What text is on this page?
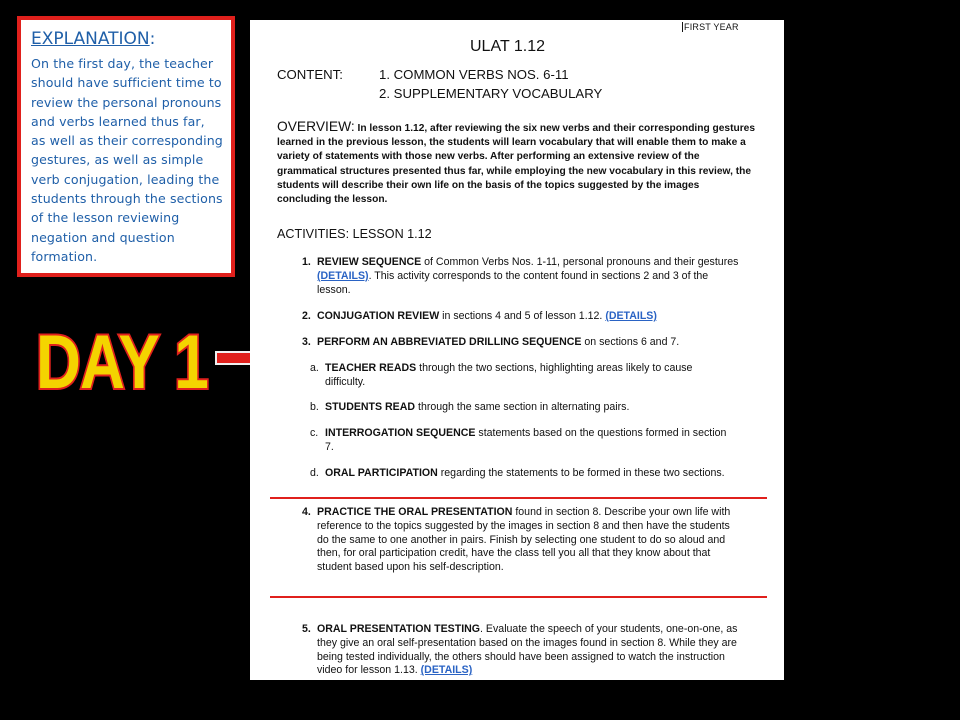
EXPLANATION:
On the first day, the teacher should have sufficient time to review the personal pronouns and verbs learned thus far, as well as their corresponding gestures, as well as simple verb conjugation, leading the students through the sections of the lesson reviewing negation and question formation.
DAY 1
FIRST YEAR
ULAT 1.12
CONTENT:	1. COMMON VERBS NOS. 6-11
2. SUPPLEMENTARY VOCABULARY
OVERVIEW: In lesson 1.12, after reviewing the six new verbs and their corresponding gestures learned in the previous lesson, the students will learn vocabulary that will enable them to make a variety of statements with those new verbs. After performing an extensive review of the grammatical structures presented thus far, while employing the new vocabulary in this review, the students will describe their own life on the basis of the topics suggested by the images concluding the lesson.
ACTIVITIES: LESSON 1.12
1. REVIEW SEQUENCE of Common Verbs Nos. 1-11, personal pronouns and their gestures (DETAILS). This activity corresponds to the content found in sections 2 and 3 of the lesson.
2. CONJUGATION REVIEW in sections 4 and 5 of lesson 1.12. (DETAILS)
3. PERFORM AN ABBREVIATED DRILLING SEQUENCE on sections 6 and 7.
a. TEACHER READS through the two sections, highlighting areas likely to cause difficulty.
b. STUDENTS READ through the same section in alternating pairs.
c. INTERROGATION SEQUENCE statements based on the questions formed in section 7.
d. ORAL PARTICIPATION regarding the statements to be formed in these two sections.
4. PRACTICE THE ORAL PRESENTATION found in section 8. Describe your own life with reference to the topics suggested by the images in section 8 and then have the students do the same to one another in pairs. Finish by selecting one student to do so aloud and then, for oral participation credit, have the class tell you all that they know about that student based upon his self-description.
5. ORAL PRESENTATION TESTING. Evaluate the speech of your students, one-on-one, as they give an oral self-presentation based on the images found in section 8. While they are being tested individually, the others should have been assigned to watch the instruction video for lesson 1.13. (DETAILS)
